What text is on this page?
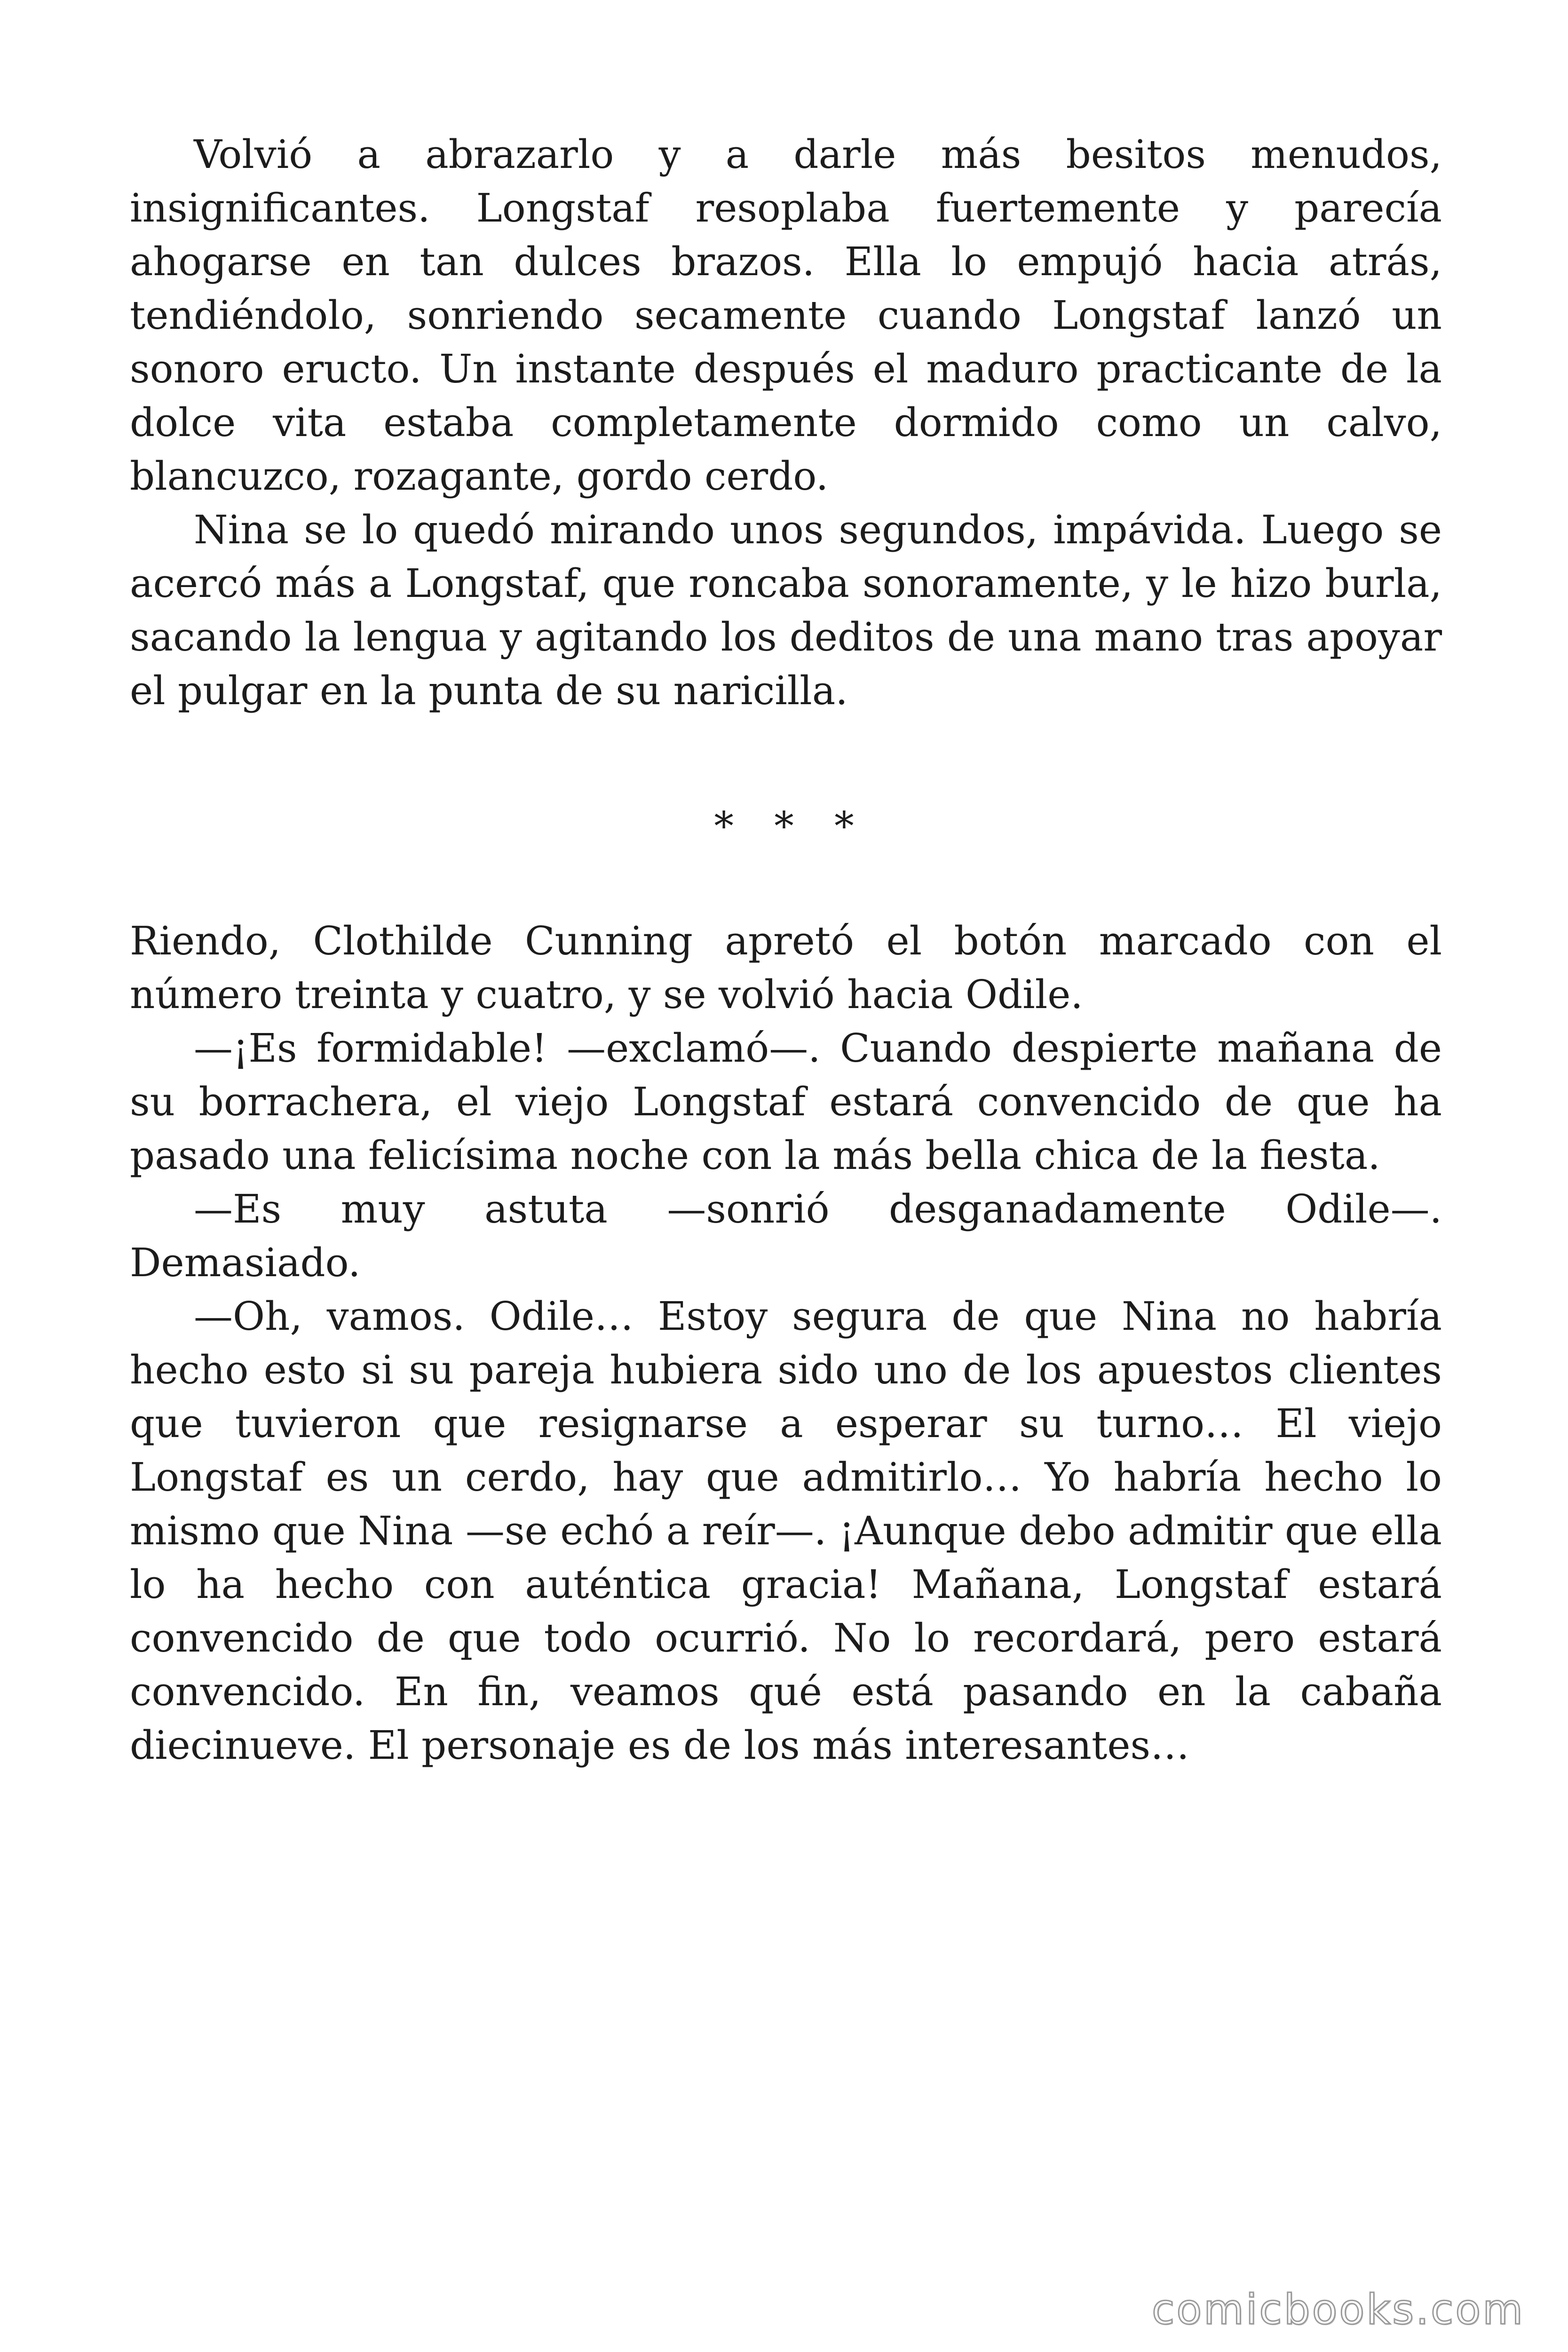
Volvió a abrazarlo y a darle más besitos menudos, insignificantes. Longstaf resoplaba fuertemente y parecía ahogarse en tan dulces brazos. Ella lo empujó hacia atrás, tendiéndolo, sonriendo secamente cuando Longstaf lanzó un sonoro eructo. Un instante después el maduro practicante de la dolce vita estaba completamente dormido como un calvo, blancuzco, rozagante, gordo cerdo.

Nina se lo quedó mirando unos segundos, impávida. Luego se acercó más a Longstaf, que roncaba sonoramente, y le hizo burla, sacando la lengua y agitando los deditos de una mano tras apoyar el pulgar en la punta de su naricilla.

* * *

Riendo, Clothilde Cunning apretó el botón marcado con el número treinta y cuatro, y se volvió hacia Odile.

—¡Es formidable! —exclamó—. Cuando despierte mañana de su borrachera, el viejo Longstaf estará convencido de que ha pasado una felicísima noche con la más bella chica de la fiesta.

—Es muy astuta —sonrió desganadamente Odile—. Demasiado.

—Oh, vamos. Odile… Estoy segura de que Nina no habría hecho esto si su pareja hubiera sido uno de los apuestos clientes que tuvieron que resignarse a esperar su turno… El viejo Longstaf es un cerdo, hay que admitirlo… Yo habría hecho lo mismo que Nina —se echó a reír—. ¡Aunque debo admitir que ella lo ha hecho con auténtica gracia! Mañana, Longstaf estará convencido de que todo ocurrió. No lo recordará, pero estará convencido. En fin, veamos qué está pasando en la cabaña diecinueve. El personaje es de los más interesantes…

comicbooks.com
